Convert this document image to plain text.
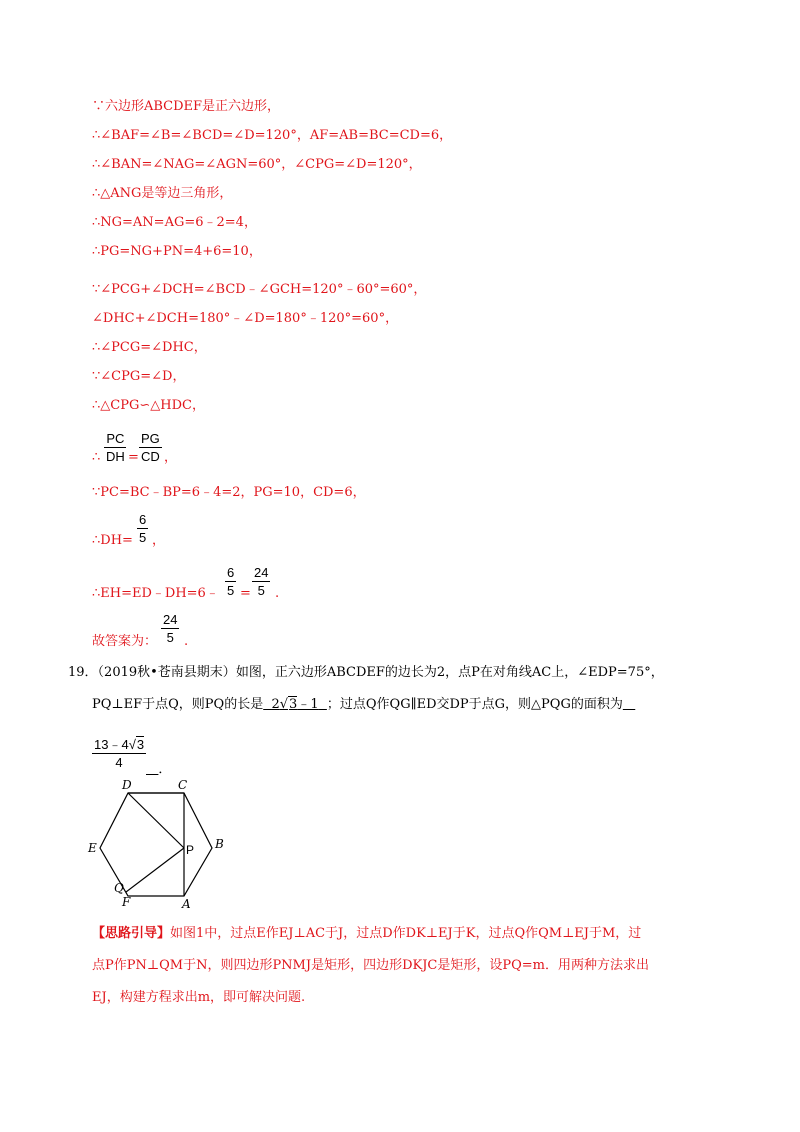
∵六边形ABCDEF是正六边形，
∴∠BAF=∠B=∠BCD=∠D=120°，AF=AB=BC=CD=6，
∴∠BAN=∠NAG=∠AGN=60°，∠CPG=∠D=120°，
∴△ANG是等边三角形，
∴NG=AN=AG=6﹣2=4，
∴PG=NG+PN=4+6=10，
∵∠PCG+∠DCH=∠BCD﹣∠GCH=120°﹣60°=60°，
∠DHC+∠DCH=180°﹣∠D=180°﹣120°=60°，
∴∠PCG=∠DHC，
∵∠CPG=∠D，
∴△CPG∽△HDC，
∴ $\frac{PC}{DH} = \frac{PG}{CD}$ ，
∵PC=BC﹣BP=6﹣4=2，PG=10，CD=6，
∴DH= $\frac{6}{5}$ ，
∴EH=ED﹣DH=6﹣ $\frac{6}{5} = \frac{24}{5}$ .
故答案为： $\frac{24}{5}$ .
19．（2019秋•苍南县期末）如图，正六边形ABCDEF的边长为2，点P在对角线AC上，∠EDP=75°，
PQ⊥EF于点Q，则PQ的长是 2√3﹣1 ；过点Q作QG∥ED交DP于点G，则△PQG的面积为
$\frac{13﹣4√3}{4}$ ．
D	C
E	B
Q
F	A
P
【思路引导】如图1中，过点E作EJ⊥AC于J，过点D作DK⊥EJ于K，过点Q作QM⊥EJ于M，过
点P作PN⊥QM于N，则四边形PNMJ是矩形，四边形DKJC是矩形，设PQ=m．用两种方法求出
EJ，构建方程求出m，即可解决问题.
